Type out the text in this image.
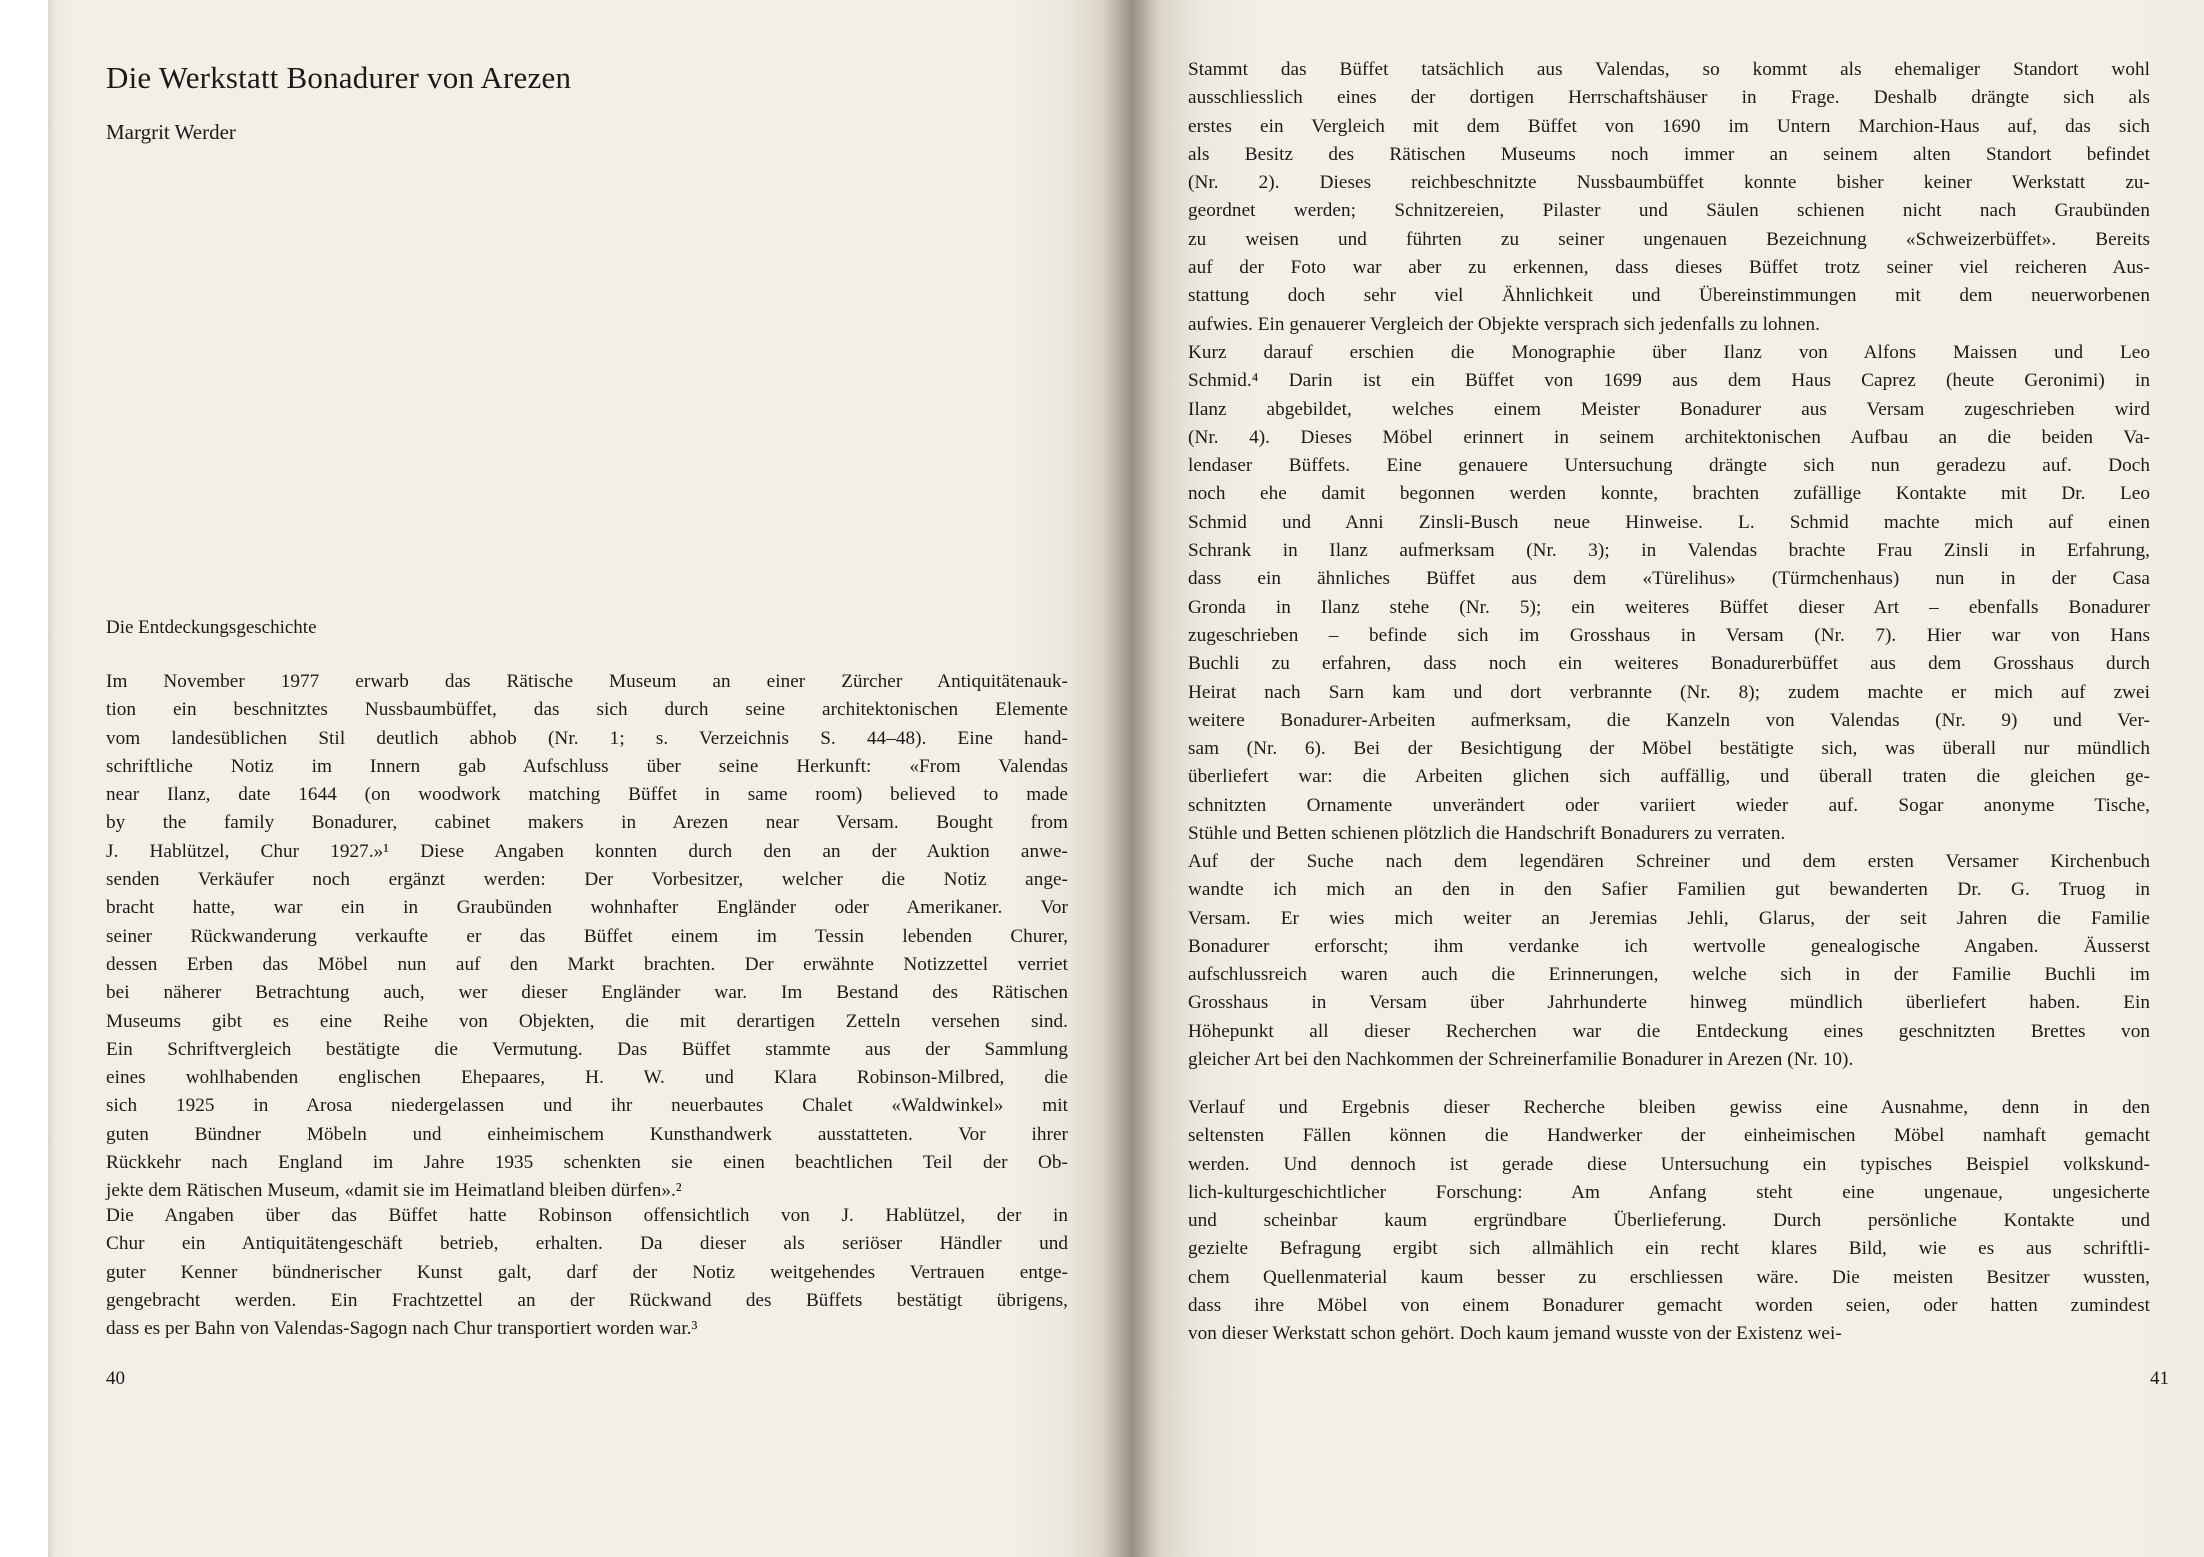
Die Werkstatt Bonadurer von Arezen
Margrit Werder
Die Entdeckungsgeschichte
Im November 1977 erwarb das Rätische Museum an einer Zürcher Antiquitätenauk-
tion ein beschnitztes Nussbaumbüffet, das sich durch seine architektonischen Elemente
vom landesüblichen Stil deutlich abhob (Nr. 1; s. Verzeichnis S. 44–48). Eine hand-
schriftliche Notiz im Innern gab Aufschluss über seine Herkunft: «From Valendas
near Ilanz, date 1644 (on woodwork matching Büffet in same room) believed to made
by the family Bonadurer, cabinet makers in Arezen near Versam. Bought from
J. Hablützel, Chur 1927.»¹ Diese Angaben konnten durch den an der Auktion anwe-
senden Verkäufer noch ergänzt werden: Der Vorbesitzer, welcher die Notiz ange-
bracht hatte, war ein in Graubünden wohnhafter Engländer oder Amerikaner. Vor
seiner Rückwanderung verkaufte er das Büffet einem im Tessin lebenden Churer,
dessen Erben das Möbel nun auf den Markt brachten. Der erwähnte Notizzettel verriet
bei näherer Betrachtung auch, wer dieser Engländer war. Im Bestand des Rätischen
Museums gibt es eine Reihe von Objekten, die mit derartigen Zetteln versehen sind.
Ein Schriftvergleich bestätigte die Vermutung. Das Büffet stammte aus der Sammlung
eines wohlhabenden englischen Ehepaares, H. W. und Klara Robinson-Milbred, die
sich 1925 in Arosa niedergelassen und ihr neuerbautes Chalet «Waldwinkel» mit
guten Bündner Möbeln und einheimischem Kunsthandwerk ausstatteten. Vor ihrer
Rückkehr nach England im Jahre 1935 schenkten sie einen beachtlichen Teil der Ob-
jekte dem Rätischen Museum, «damit sie im Heimatland bleiben dürfen».²
Die Angaben über das Büffet hatte Robinson offensichtlich von J. Hablützel, der in
Chur ein Antiquitätengeschäft betrieb, erhalten. Da dieser als seriöser Händler und
guter Kenner bündnerischer Kunst galt, darf der Notiz weitgehendes Vertrauen entge-
gengebracht werden. Ein Frachtzettel an der Rückwand des Büffets bestätigt übrigens,
dass es per Bahn von Valendas-Sagogn nach Chur transportiert worden war.³
40
Stammt das Büffet tatsächlich aus Valendas, so kommt als ehemaliger Standort wohl
ausschliesslich eines der dortigen Herrschaftshäuser in Frage. Deshalb drängte sich als
erstes ein Vergleich mit dem Büffet von 1690 im Untern Marchion-Haus auf, das sich
als Besitz des Rätischen Museums noch immer an seinem alten Standort befindet
(Nr. 2). Dieses reichbeschnitzte Nussbaumbüffet konnte bisher keiner Werkstatt zu-
geordnet werden; Schnitzereien, Pilaster und Säulen schienen nicht nach Graubünden
zu weisen und führten zu seiner ungenauen Bezeichnung «Schweizerbüffet». Bereits
auf der Foto war aber zu erkennen, dass dieses Büffet trotz seiner viel reicheren Aus-
stattung doch sehr viel Ähnlichkeit und Übereinstimmungen mit dem neuerworbenen
aufwies. Ein genauerer Vergleich der Objekte versprach sich jedenfalls zu lohnen.
Kurz darauf erschien die Monographie über Ilanz von Alfons Maissen und Leo
Schmid.⁴ Darin ist ein Büffet von 1699 aus dem Haus Caprez (heute Geronimi) in
Ilanz abgebildet, welches einem Meister Bonadurer aus Versam zugeschrieben wird
(Nr. 4). Dieses Möbel erinnert in seinem architektonischen Aufbau an die beiden Va-
lendaser Büffets. Eine genauere Untersuchung drängte sich nun geradezu auf. Doch
noch ehe damit begonnen werden konnte, brachten zufällige Kontakte mit Dr. Leo
Schmid und Anni Zinsli-Busch neue Hinweise. L. Schmid machte mich auf einen
Schrank in Ilanz aufmerksam (Nr. 3); in Valendas brachte Frau Zinsli in Erfahrung,
dass ein ähnliches Büffet aus dem «Türelihus» (Türmchenhaus) nun in der Casa
Gronda in Ilanz stehe (Nr. 5); ein weiteres Büffet dieser Art – ebenfalls Bonadurer
zugeschrieben – befinde sich im Grosshaus in Versam (Nr. 7). Hier war von Hans
Buchli zu erfahren, dass noch ein weiteres Bonadurerbüffet aus dem Grosshaus durch
Heirat nach Sarn kam und dort verbrannte (Nr. 8); zudem machte er mich auf zwei
weitere Bonadurer-Arbeiten aufmerksam, die Kanzeln von Valendas (Nr. 9) und Ver-
sam (Nr. 6). Bei der Besichtigung der Möbel bestätigte sich, was überall nur mündlich
überliefert war: die Arbeiten glichen sich auffällig, und überall traten die gleichen ge-
schnitzten Ornamente unverändert oder variiert wieder auf. Sogar anonyme Tische,
Stühle und Betten schienen plötzlich die Handschrift Bonadurers zu verraten.
Auf der Suche nach dem legendären Schreiner und dem ersten Versamer Kirchenbuch
wandte ich mich an den in den Safier Familien gut bewanderten Dr. G. Truog in
Versam. Er wies mich weiter an Jeremias Jehli, Glarus, der seit Jahren die Familie
Bonadurer erforscht; ihm verdanke ich wertvolle genealogische Angaben. Äusserst
aufschlussreich waren auch die Erinnerungen, welche sich in der Familie Buchli im
Grosshaus in Versam über Jahrhunderte hinweg mündlich überliefert haben. Ein
Höhepunkt all dieser Recherchen war die Entdeckung eines geschnitzten Brettes von
gleicher Art bei den Nachkommen der Schreinerfamilie Bonadurer in Arezen (Nr. 10).
Verlauf und Ergebnis dieser Recherche bleiben gewiss eine Ausnahme, denn in den
seltensten Fällen können die Handwerker der einheimischen Möbel namhaft gemacht
werden. Und dennoch ist gerade diese Untersuchung ein typisches Beispiel volkskund-
lich-kulturgeschichtlicher Forschung: Am Anfang steht eine ungenaue, ungesicherte
und scheinbar kaum ergründbare Überlieferung. Durch persönliche Kontakte und
gezielte Befragung ergibt sich allmählich ein recht klares Bild, wie es aus schriftli-
chem Quellenmaterial kaum besser zu erschliessen wäre. Die meisten Besitzer wussten,
dass ihre Möbel von einem Bonadurer gemacht worden seien, oder hatten zumindest
von dieser Werkstatt schon gehört. Doch kaum jemand wusste von der Existenz wei-
41
